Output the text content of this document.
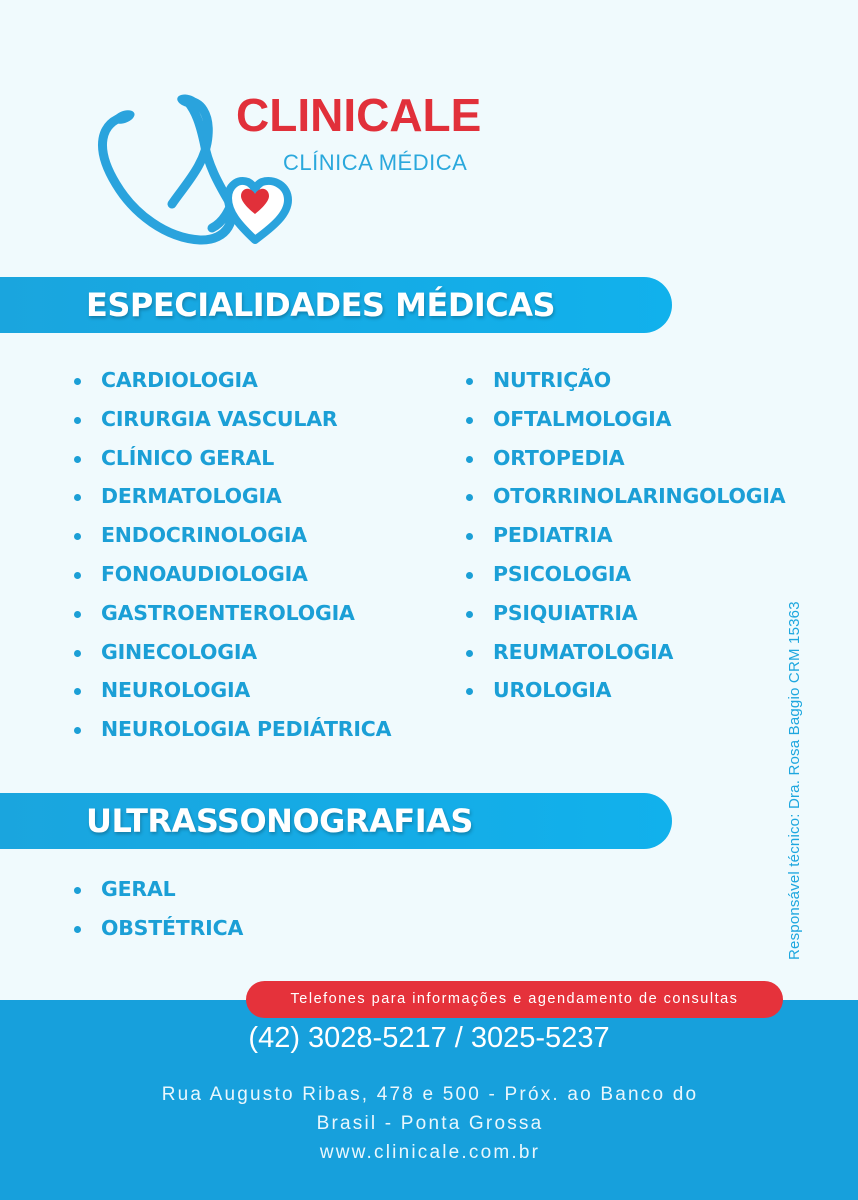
CLINICALE
CLÍNICA MÉDICA
ESPECIALIDADES MÉDICAS
CARDIOLOGIA
CIRURGIA VASCULAR
CLÍNICO GERAL
DERMATOLOGIA
ENDOCRINOLOGIA
FONOAUDIOLOGIA
GASTROENTEROLOGIA
GINECOLOGIA
NEUROLOGIA
NEUROLOGIA PEDIÁTRICA
NUTRIÇÃO
OFTALMOLOGIA
ORTOPEDIA
OTORRINOLARINGOLOGIA
PEDIATRIA
PSICOLOGIA
PSIQUIATRIA
REUMATOLOGIA
UROLOGIA
ULTRASSONOGRAFIAS
GERAL
OBSTÉTRICA	Responsável técnico: Dra. Rosa Baggio CRM 15363
Telefones para informações e agendamento de consultas
(42) 3028-5217 / 3025-5237
Rua Augusto Ribas, 478 e 500 - Próx. ao Banco do
Brasil - Ponta Grossa
www.clinicale.com.br
